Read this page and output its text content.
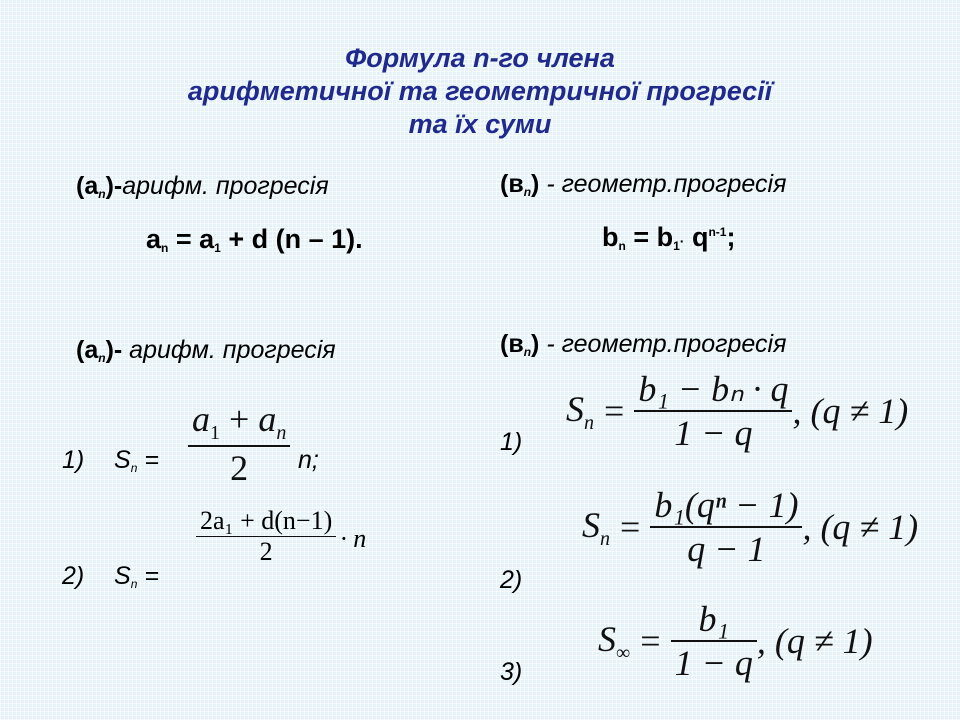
Формула n-го члена
арифметичної та геометричної прогресії
та їх суми
$(a_n)$-арифм. прогресія
$a_n = a_1 + d$ (n – 1).
$(a_n)-$ арифм. прогресія
1) $S_n = \frac{a_1 + a_n}{2} n$;
2) $S_n$ =
$\frac{\text{2a₁ + d(n−1)}}{2} \cdot n$
$(в_n)$ - геометр.прогресія
$b_n = b_1\cdot q^{n-1}$;
$(в_n)$ - геометр.прогресія
1)
$S_n = \frac{\text{b₁ − bₙ · q}}{1 - q}$ , (q ≠ 1)
2)
$S_n = \frac{\text{b₁(qⁿ − 1)}}{q - 1}$ , (q ≠ 1)
3)
$S_\infty = \frac{\text{b₁}}{1 - q}$ , (q ≠ 1)
